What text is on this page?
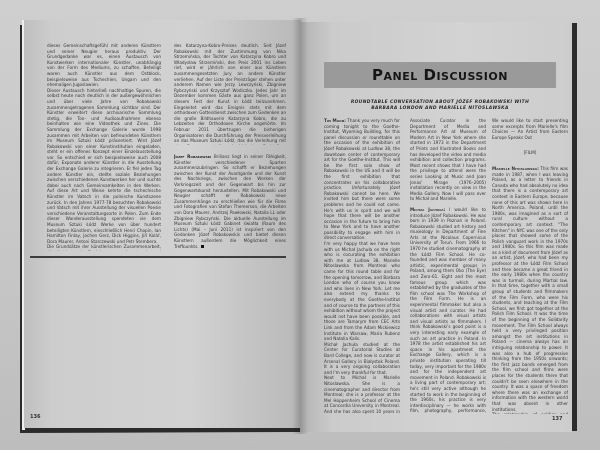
dieses Gemeinschaftsgefühl mit anderen Künstlern und seiner Neugier heraus produktiv. Der Grundgedanke war es, einen Austausch von Kunstwerken internationaler Künstler, unabhängig von der Form des Mediums, zu schaffen. Beteiligt waren auch Künstler aus dem Ostblock, beispielsweise aus Tschechien, Ungarn und den ehemaligen Jugoslawien.

Dieser Austausch hinterließ nachhaltige Spuren, die selbst heute noch deutlich in der außergewöhnlichen und über viele Jahre von Robakowski zusammengetragenen Sammlung sichtbar sind. Der Künstler erweitert diese archivarische Sammlung stetig, die Ton- und Audioaufnahmen ebenso beinhalten wie eine Videothek und Zines. Die Sammlung der Exchange Galerie wurde 1998 zusammen mit Arbeiten von befreundeten Künstlern im Museum Sztuki Łódź präsentiert. Wird Józef Robakowski von einer Kunstinstitution eingeladen, steht er ein offenes Konzept einer Einzelausstellung vor. So entschied er sich beispielsweise auch 2008 dafür, Exponate anderer Künstler in die Ausstellung der Exchange Galerie zu integrieren. Er fiel jeden Tag andere Künstler ein, stellte soziale Beziehungen zwischen verschiedenen Kunstwerken her und suchte dabei auch nach Gemeinsamkeiten in den Werken. Auf diese Art und Weise kehrte die tschechische Künstler im Vatsch in die polnische Kunstszene zurück. In den Jahren 1977-78 besuchten Robakowski und Vatsch mit ihrer Ausstellung der visuellen Poesie verschiedene Veranstaltungsorte in Polen. Zum Ende dieser Wanderausstellung spendeten sie dem Museum Sztuki Łódź Werke von über hundert beteiligten Künstlern, einschließlich Henri Chopin, Ian Hamilton Finlay, Jochen Gerz, Dick Higgins, Jiří Kolář, Dora Maurer, Antoni Starczewski und Petr Štembera.

Die Grundsätze der künstlerischen Zusammenarbeit,

des Katarzyna-Kobro-Preises deutlich. Seit Józef Robakowski mit der Zustimmung von Nika Strzemińska, der Tochter von Katarzyna Kobro und Władysław Strzemiński, den Preis 2001 ins Leben rief, wird er jährlich von einer aus Künstlern zusammengesetzten Jury an andere Künstler verliehen. Auf der Liste der Preisträger stehen unter anderem Namen wie Jerzy Lewczyński, Zbigniew Rybczyński und Krzysztof Wodiczko. Jedes Jahr im Dezember kommen Gäste aus ganz Polen, um an diesem Fest der Kunst in Łódź teilzunehmen. Eingeleitet wird das Ereignis stets mit dem orthodoxen Gottesdienst zwischen zum Gedenken an die große Bildhauerin Katarzyna Kobro, die zu Lebzeiten der Orthodoxen Kirche angehörte. Im Februar 2011 übertrugen die bisherigen Organisatoren die Durchführung der Preisverleihung an das Museum Sztuki Łódź, das die Verleihung mit

Józef Robakowski Brilianz liegt in seiner Fähigkeit, Künstler verschiedener Sparten zusammenzubringen. So schafft er Beziehungen zwischen der Kunst der Avantgarde und der Kunst des Nachkriegs, zwischen den Werken der Vorkriegszeit und der Gegenwart bis hin zur Gegenwartskunst herzustellen. Mit Robakowski und Neugier schafft er Robakowski neue Zusammenhänge zu erschließen wie für die Filme und Fotografien von Stefan Themerson, die Arbeiten von Dora Maurer, Andrzej Pawłowski, Natalia LL oder Zbigniew Rybczyński. Die aktuelle Ausstellung im Museum Sztuki Łódź Gabinet światła (Raum des Lichts) (Mai – Juni 2011) ist inspiriert von den Gedanken Józef Robakowskis und bietet diesen Künstlern außerdem die Möglichkeit eines Treffpunkts.

136
Panel Discussion
ROUNDTABLE CONVERSATION ABOUT JÓZEF ROBAKOWSKI WITH
BARBARA LONDON AND MARIELLE NITOSLAWSKA

Tim Moon: Thank you very much for coming tonight to the Goethe-Institut, Wyoming Building, for this panel discussion or roundtable on the occasion of the exhibition of Józef Robakowski at Ludlow 38, the downtown center of contemporary art for the Goethe-Institut. This will be the first solo show of Robakowski in the US and it will be the first exhibition that concentrates on his collaborative practice. Unfortunately Józef Robakowski cannot be here. We invited him but there were some problems and he could not come. He's with us in spirit and we will hope that there will be another occasion in the future to bring him to New York and to have another possibility to engage with him in direct conversation.

I'm very happy that we have here with us Michał Jachuła on the right who is cocurating the exhibition with me at Ludlow 38, Marielle Nitoslawska from Montreal who came for this round table and for the opening tomorrow, and Barbara London who of course you know and who lives in New York. Let me also extend my thanks to everybody at the Goethe-Institut and of course to the partners of this exhibition without whom the project would not have been possible, and those are Tamarym from CEC Arts Link and from the Adam Mickiewicz Institute in Warsaw, Maria Rubenz and Natalia Kalis.

Michał Jachuła studied at the Center for Curatorial Studies at Bard College, and now is curator at Arsenal Gallery in Białystok Poland. It is a very ongoing collaboration and I'm very thankful for that.

Next to Michał is Marielle Nitoslawska. She is a cinematographer and director from Montreal; she is a professor at the Mel Hoppenheim School of Cinema at Concordia University in Montreal. And she has also spent 10 years in

Associate Curator in the Department of Media and Performance Art at Museum of Modern Art in New York where she started in 1973 in the Department of Prints and Illustrated Books and has developed the video and media exhibition and collection programs. Most recent shows that I have had the privilege to attend were the series Looking at Music and Joan Jonas' Mirage (1976–2005) installation recently on view in the Media Gallery. Now I will pass over to Michał and Marielle.

Michał Jachuła: I would like to introduce Józef Robakowski. He was born in 1939 in Poznań in Poland. Robakowski studied art history and museology in Department of Fine Arts at the Nicolaus Copernicus University of Toruń. From 1966 to 1970 he studied cinematography at the Łódź Film School. He co-founded and was member of many artistic, experimental groups in Poland, among them Oko (The Eye) and Zero-61. Eight and the most famous group which was established by the graduates of the film school was The Workshop of the Film Form. He is an experimental filmmaker but also a visual artist and curator. He had collaborations with visual artists and visual artists as filmmakers. I think Robakowski's good point is a very interesting early example of such an art practice in Poland. In 1978 the artist established his art space in his apartment the Exchange Gallery, which is a private institution operating till today, very important for the 1980s and for the independent art movement in Poland. Robakowski is a living part of contemporary art; he's still very active although he started to work in the beginning of the 1960s, his practice is very interdisciplinary — he works with film, photography, performance,

We would like to start presenting some excerpts from Marielle's film Choices — An Artist from Eastern Europe Speaks Out

[FILM]

Marielle Nitoslawska: This film was made in 1987, when I was leaving Poland, as a letter to friends in Canada who had absolutely no idea that there is a contemporary art context in Eastern Europe, because none of this art was shown here in North America. Poland, until the 1980s, was imagined as a sort of rural culture without a contemporary art context. "The Kitchen" in NYC was one of the only places that showed some of the Polish vanguard work in the 1970s and 1980s. So this film was made as a kind of document from Józef as an artist, Józef, who had been my professor at the Łódź Film School and then became a great friend in the early 1980s when the country was in turmoil, during Martial law. In that time, together with a small group of students and filmmakers of the Film Form, who were his students, and teaching at the Film School, we first got together at the Polish Film School. It was the time of the beginning of the Solidarity movement. The Film School always held a very privileged position amongst the art institutions in Poland — cinema always has an intriguing relationship to power. It was also a hub of progressive thinking from the 1950s onwards; the first jazz bands emerged from the film school and films were places for the students there that couldn't be seen elsewhere in the country. It was a space of freedom where there was an exchange of information with the western world that was absent in other institutions.

137
